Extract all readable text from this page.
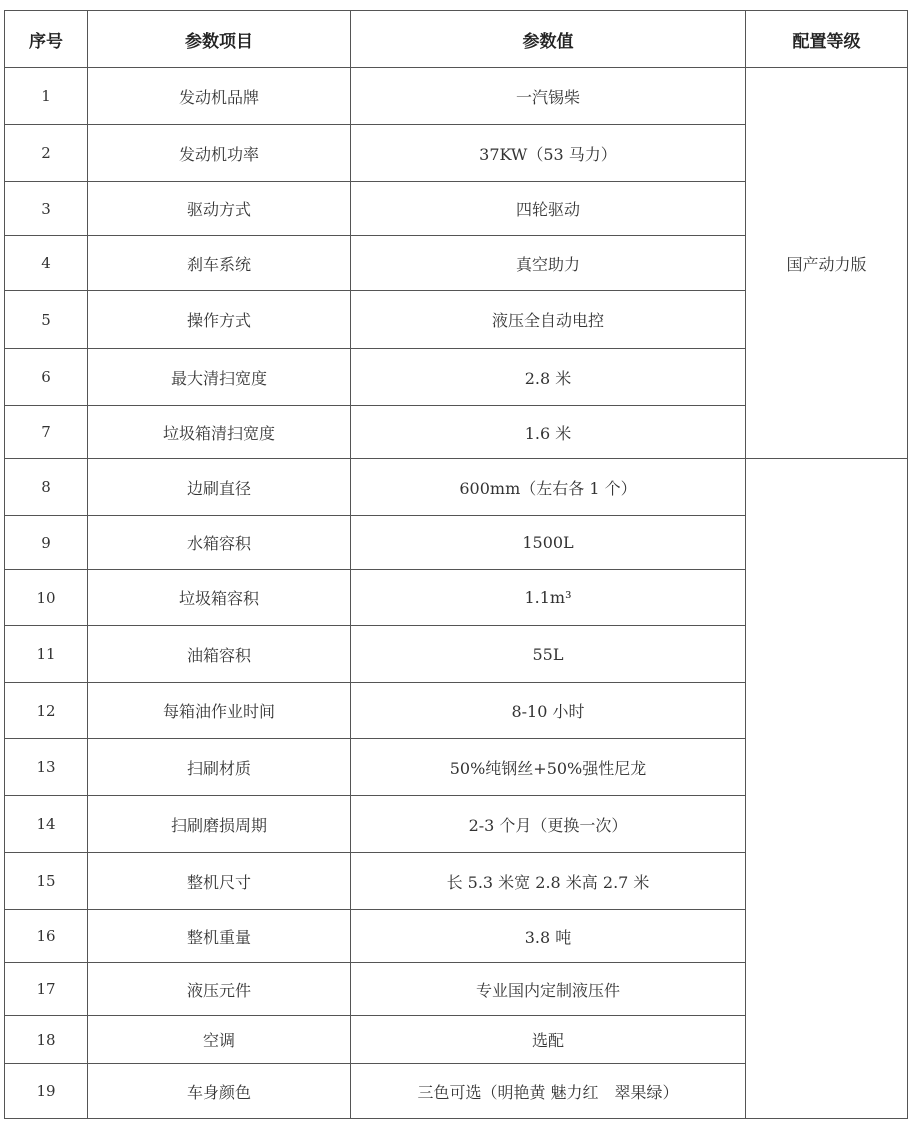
序号	参数项目	参数值	配置等级
1	发动机品牌	一汽锡柴	国产动力版
2	发动机功率	37KW（53 马力）	
3	驱动方式	四轮驱动	
4	刹车系统	真空助力	
5	操作方式	液压全自动电控	
6	最大清扫宽度	2.8 米	
7	垃圾箱清扫宽度	1.6 米	
8	边刷直径	600mm（左右各 1 个）	
9	水箱容积	1500L	
10	垃圾箱容积	1.1m³	
11	油箱容积	55L	
12	每箱油作业时间	8-10 小时	
13	扫刷材质	50%纯钢丝+50%强性尼龙	
14	扫刷磨损周期	2-3 个月（更换一次）	
15	整机尺寸	长 5.3 米宽 2.8 米高 2.7 米	
16	整机重量	3.8 吨	
17	液压元件	专业国内定制液压件	
18	空调	选配	
19	车身颜色	三色可选（明艳黄 魅力红　翠果绿）	
